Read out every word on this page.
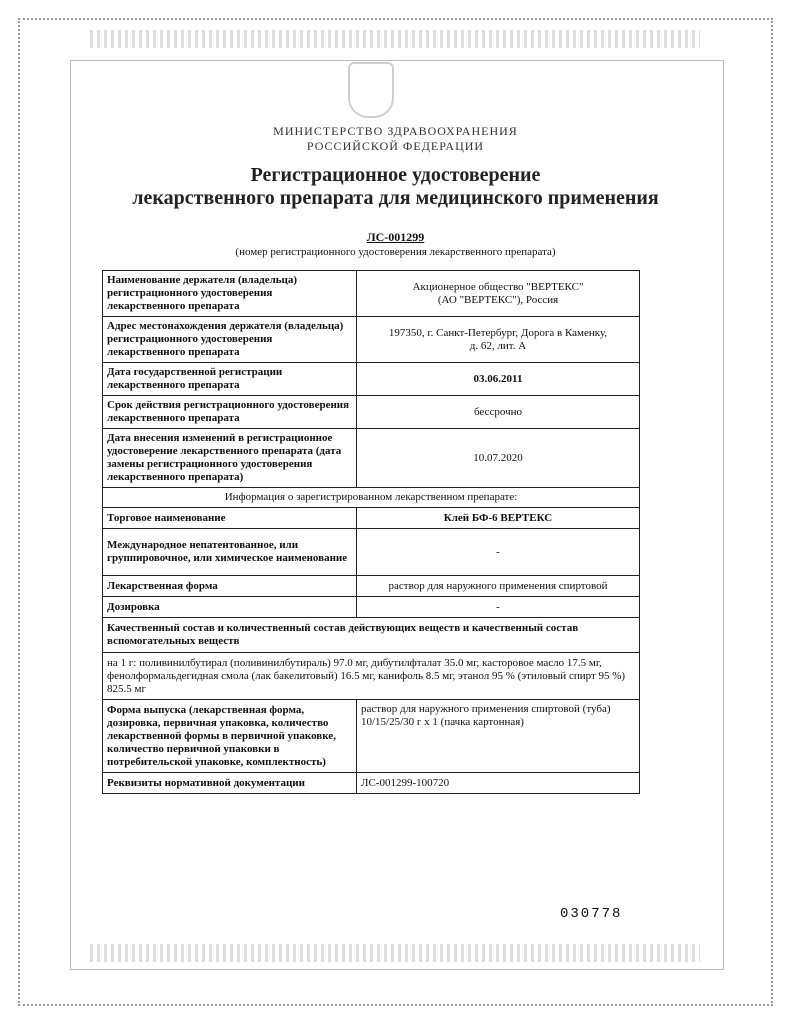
МИНИСТЕРСТВО ЗДРАВООХРАНЕНИЯ
РОССИЙСКОЙ ФЕДЕРАЦИИ
Регистрационное удостоверение
лекарственного препарата для медицинского применения
ЛС-001299
(номер регистрационного удостоверения лекарственного препарата)
Наименование держателя (владельца) регистрационного удостоверения лекарственного препарата	Акционерное общество "ВЕРТЕКС"
(АО "ВЕРТЕКС"), Россия

Адрес местонахождения держателя (владельца) регистрационного удостоверения лекарственного препарата	197350, г. Санкт-Петербург, Дорога в Каменку,
д. 62, лит. А

Дата государственной регистрации лекарственного препарата	03.06.2011
Срок действия регистрационного удостоверения лекарственного препарата	бессрочно
Дата внесения изменений в регистрационное удостоверение лекарственного препарата (дата замены регистрационного удостоверения лекарственного препарата)	10.07.2020
Информация о зарегистрированном лекарственном препарате:	
Торговое наименование	Клей БФ-6 ВЕРТЕКС
Международное непатентованное, или группировочное, или химическое наименование	-
Лекарственная форма	раствор для наружного применения спиртовой
Дозировка	-
Качественный состав и количественный состав действующих веществ и качественный состав вспомогательных веществ	
на 1 г: поливинилбутирал (поливинилбутираль) 97.0 мг, дибутилфталат 35.0 мг, касторовое масло 17.5 мг, фенолформальдегидная смола (лак бакелитовый) 16.5 мг, канифоль 8.5 мг, этанол 95 % (этиловый спирт 95 %) 825.5 мг	
Форма выпуска (лекарственная форма, дозировка, первичная упаковка, количество лекарственной формы в первичной упаковке, количество первичной упаковки в потребительской упаковке, комплектность)	раствор для наружного применения спиртовой (туба) 10/15/25/30 г x 1 (пачка картонная)
Реквизиты нормативной документации	ЛС-001299-100720
030778
